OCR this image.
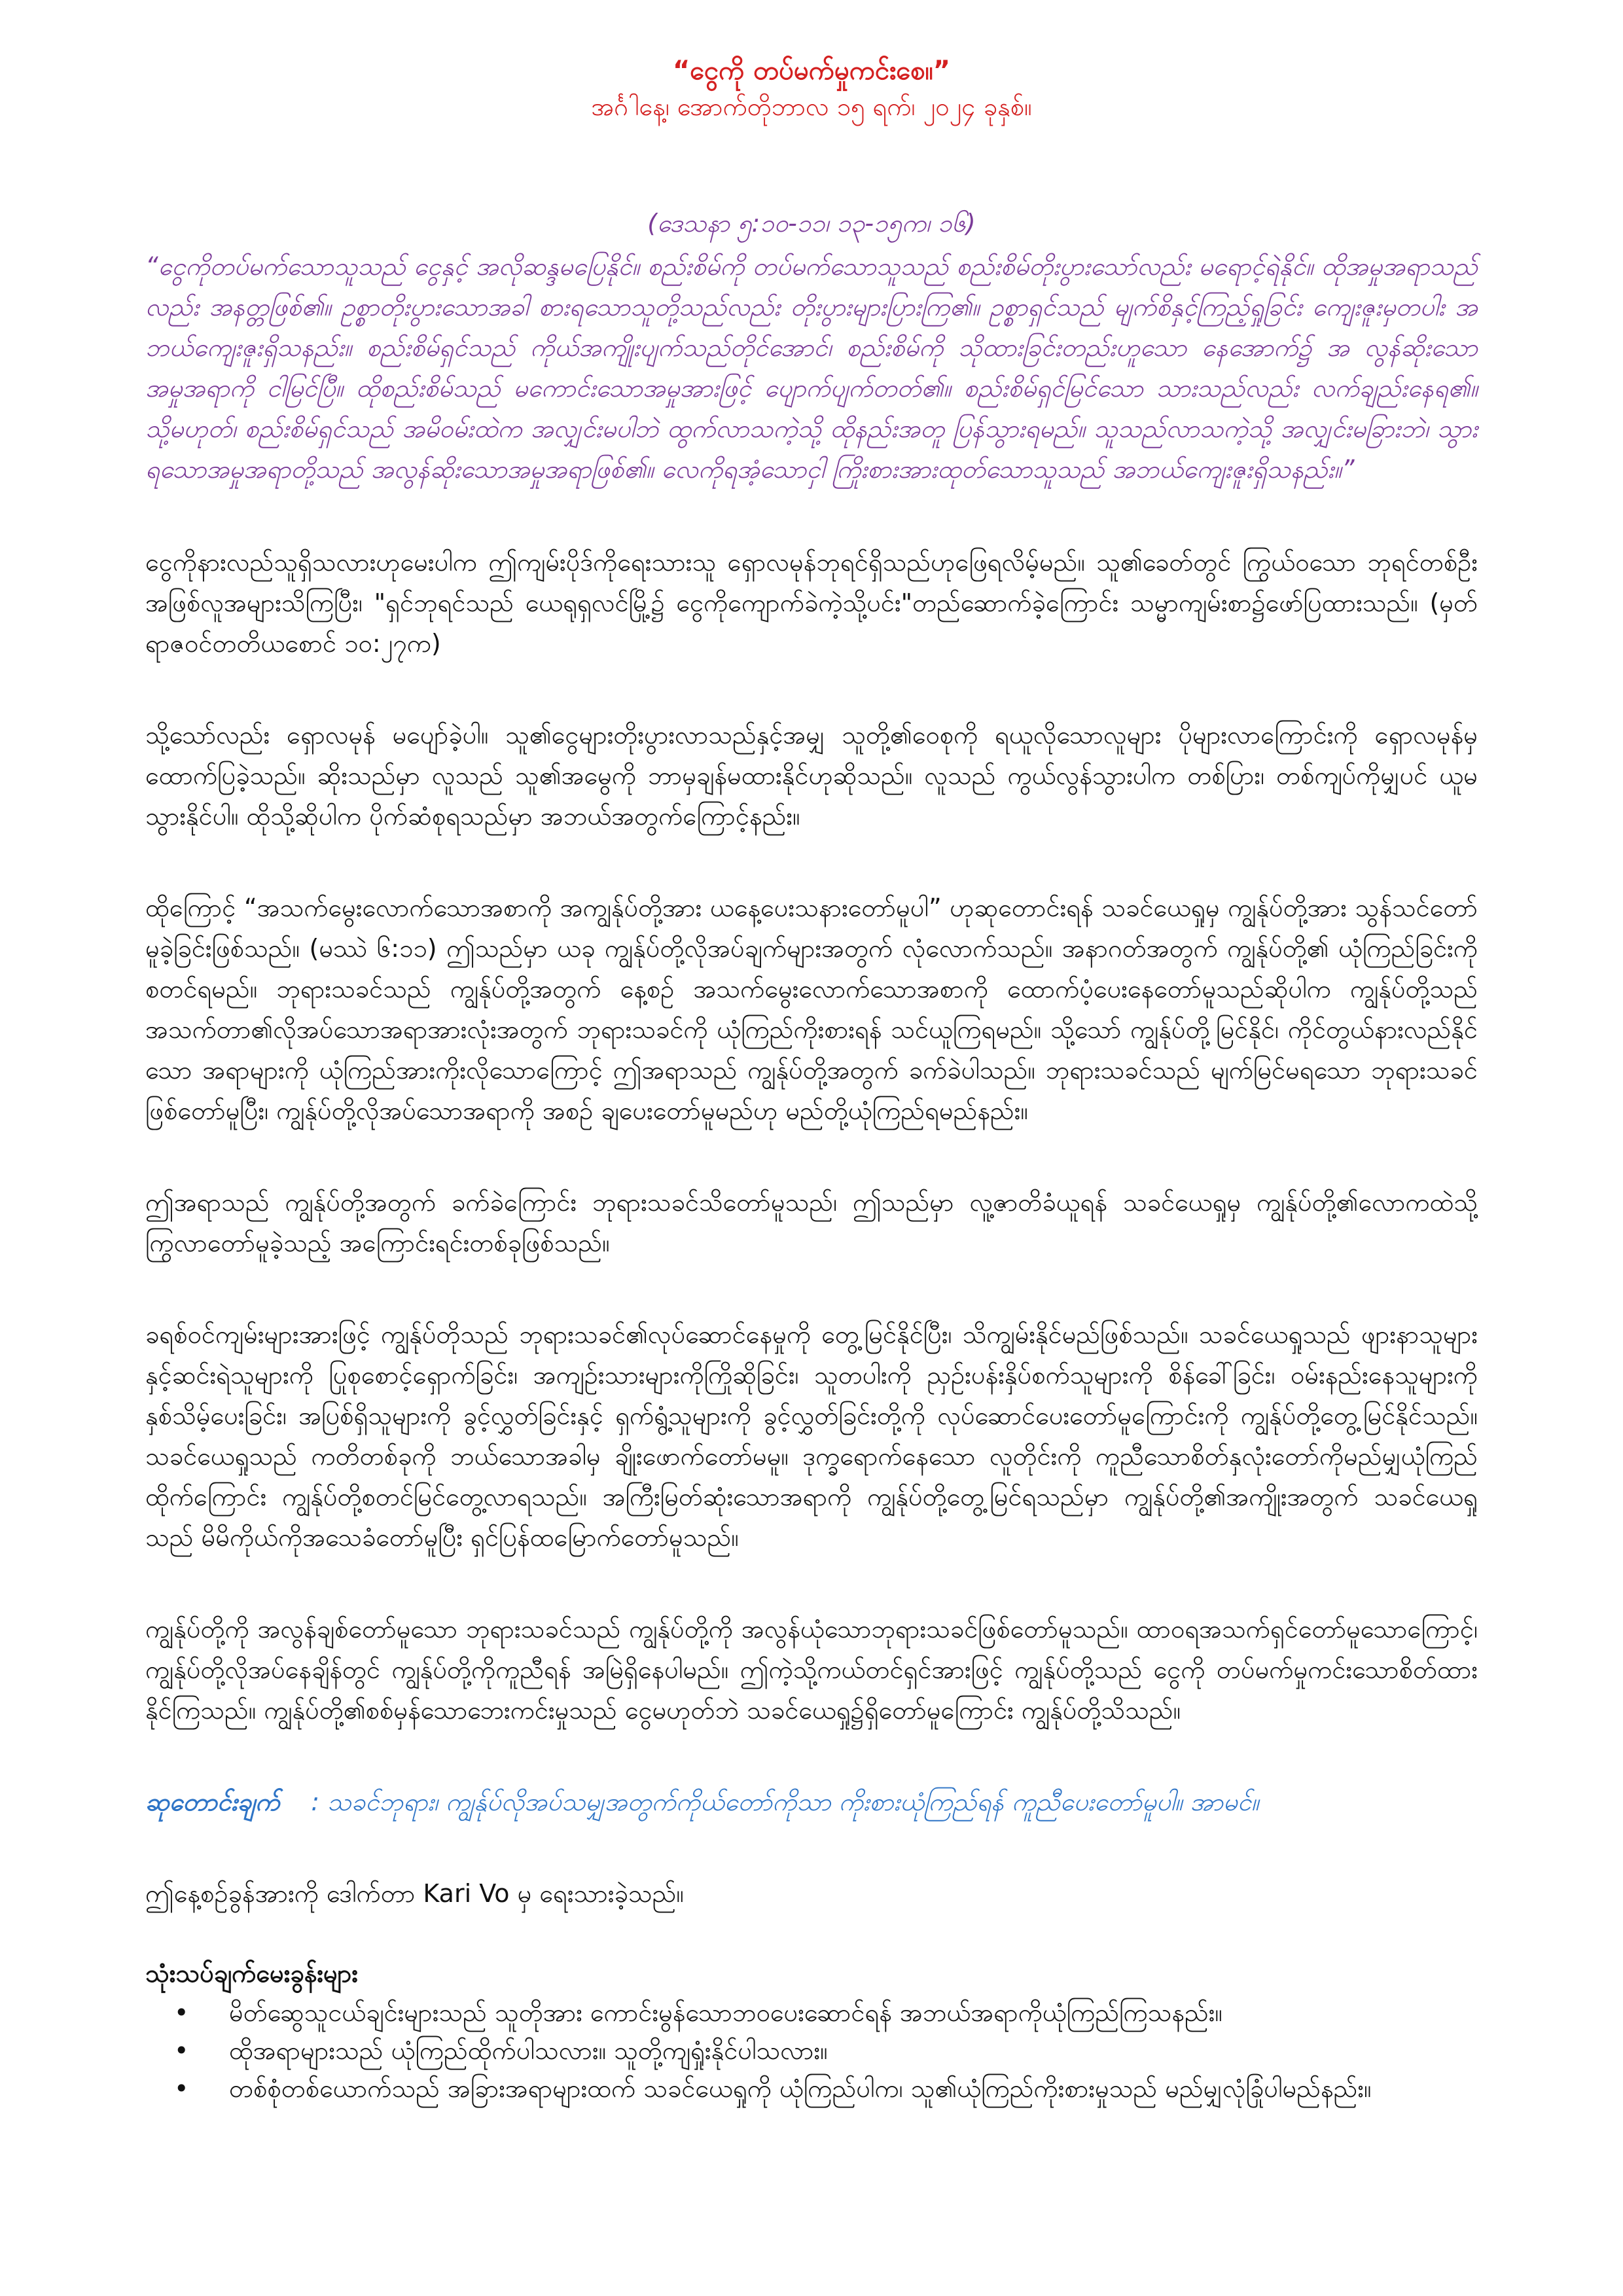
“ငွေကို တပ်မက်မှုကင်းစေ။”

အင်္ဂါနေ့၊ အောက်တိုဘာလ ၁၅ ရက်၊ ၂၀၂၄ ခုနှစ်။

(ဒေသနာ ၅:၁၀-၁၁၊ ၁၃-၁၅က၊ ၁၆)
“ငွေကိုတပ်မက်သောသူသည် ငွေနှင့် အလိုဆန္ဒမပြေနိုင်။ စည်းစိမ်ကို တပ်မက်သောသူသည် စည်းစိမ်တိုးပွားသော်လည်း မရောင့်ရဲနိုင်။ ထိုအမှုအရာသည်လည်း အနတ္တဖြစ်၏။ ဥစ္စာတိုးပွားသောအခါ စားရသောသူတို့သည်လည်း တိုးပွားများပြားကြ၏။ ဥစ္စာရှင်သည် မျက်စိနှင့်ကြည့်ရှုခြင်း ကျေးဇူးမှတပါး အဘယ်ကျေးဇူးရှိသနည်း။ စည်းစိမ်ရှင်သည် ကိုယ်အကျိုးပျက်သည်တိုင်အောင်၊ စည်းစိမ်ကို သိုထားခြင်းတည်းဟူသော နေအောက်၌ အ လွန်ဆိုးသော အမှုအရာကို ငါမြင်ပြီ။ ထိုစည်းစိမ်သည် မကောင်းသောအမှုအားဖြင့် ပျောက်ပျက်တတ်၏။ စည်းစိမ်ရှင်မြင်သော သားသည်လည်း လက်ချည်းနေရ၏။ သို့မဟုတ်၊ စည်းစိမ်ရှင်သည် အမိဝမ်းထဲက အလျှင်းမပါဘဲ ထွက်လာသကဲ့သို့ ထိုနည်းအတူ ပြန်သွားရမည်။ သူသည်လာသကဲ့သို့ အလျှင်းမခြားဘဲ၊ သွားရသောအမှုအရာတို့သည် အလွန်ဆိုးသောအမှုအရာဖြစ်၏။ လေကိုရအံ့သောငှါ ကြိုးစားအားထုတ်သောသူသည် အဘယ်ကျေးဇူးရှိသနည်း။”

ငွေကိုနားလည်သူရှိသလားဟုမေးပါက ဤကျမ်းပိုဒ်ကိုရေးသားသူ ရှောလမုန်ဘုရင်ရှိသည်ဟုဖြေရလိမ့်မည်။ သူ၏ခေတ်တွင် ကြွယ်ဝသော ဘုရင်တစ်ဦးအဖြစ်လူအများသိကြပြီး၊ "ရှင်ဘုရင်သည် ယေရုရှလင်မြို့၌ ငွေကိုကျောက်ခဲကဲ့သို့ပင်း"တည်ဆောက်ခဲ့ကြောင်း သမ္မာကျမ်းစာ၌ဖော်ပြထားသည်။ (မှတ်ရာဇဝင်တတိယစောင် ၁၀:၂၇က)

သို့သော်လည်း ရှောလမုန် မပျော်ခဲ့ပါ။ သူ၏ငွေများတိုးပွားလာသည်နှင့်အမျှ သူတို့၏ဝေစုကို ရယူလိုသောလူများ ပိုများလာကြောင်းကို ရှောလမုန်မှထောက်ပြခဲ့သည်။ ဆိုးသည်မှာ လူသည် သူ၏အမွေကို ဘာမှချန်မထားနိုင်ဟုဆိုသည်။ လူသည် ကွယ်လွန်သွားပါက တစ်ပြား၊ တစ်ကျပ်ကိုမျှပင် ယူမသွားနိုင်ပါ။ ထိုသို့ဆိုပါက ပိုက်ဆံစုရသည်မှာ အဘယ်အတွက်ကြောင့်နည်း။

ထိုကြောင့် “အသက်မွေးလောက်သောအစာကို အကျွန်ုပ်တို့အား ယနေ့ပေးသနားတော်မူပါ” ဟုဆုတောင်းရန် သခင်ယေရှုမှ ကျွန်ုပ်တို့အား သွန်သင်တော်မူခဲ့ခြင်းဖြစ်သည်။ (မဿဲ ၆:၁၁) ဤသည်မှာ ယခု ကျွန်ုပ်တို့လိုအပ်ချက်များအတွက် လုံလောက်သည်။ အနာဂတ်အတွက် ကျွန်ုပ်တို့၏ ယုံကြည်ခြင်းကိုစတင်ရမည်။ ဘုရားသခင်သည် ကျွန်ုပ်တို့အတွက် နေ့စဉ် အသက်မွေးလောက်သောအစာကို ထောက်ပံ့ပေးနေတော်မူသည်ဆိုပါက ကျွန်ုပ်တို့သည် အသက်တာ၏လိုအပ်သောအရာအားလုံးအတွက် ဘုရားသခင်ကို ယုံကြည်ကိုးစားရန် သင်ယူကြရမည်။ သို့သော် ကျွန်ုပ်တို့မြင်နိုင်၊ ကိုင်တွယ်နားလည်နိုင်သော အရာများကို ယုံကြည်အားကိုးလိုသောကြောင့် ဤအရာသည် ကျွန်ုပ်တို့အတွက် ခက်ခဲပါသည်။ ဘုရားသခင်သည် မျက်မြင်မရသော ဘုရားသခင်ဖြစ်တော်မူပြီး၊ ကျွန်ုပ်တို့လိုအပ်သောအရာကို အစဉ် ချပေးတော်မူမည်ဟု မည်တို့ယုံကြည်ရမည်နည်း။

ဤအရာသည် ကျွန်ုပ်တို့အတွက် ခက်ခဲကြောင်း ဘုရားသခင်သိတော်မူသည်၊ ဤသည်မှာ လူ့ဇာတိခံယူရန် သခင်ယေရှုမှ ကျွန်ုပ်တို့၏လောကထဲသို့ ကြွလာတော်မူခဲ့သည့် အကြောင်းရင်းတစ်ခုဖြစ်သည်။

ခရစ်ဝင်ကျမ်းများအားဖြင့် ကျွန်ုပ်တိုသည် ဘုရားသခင်၏လုပ်ဆောင်နေမှုကို တွေ့မြင်နိုင်ပြီး၊ သိကျွမ်းနိုင်မည်ဖြစ်သည်။ သခင်ယေရှုသည် ဖျားနာသူများနှင့်ဆင်းရဲသူများကို ပြုစုစောင့်ရှောက်ခြင်း၊ အကျဉ်းသားများကိုကြိုဆိုခြင်း၊ သူတပါးကို ညှဉ်းပန်းနှိပ်စက်သူများကို စိန်ခေါ်ခြင်း၊ ဝမ်းနည်းနေသူများကို နှစ်သိမ့်ပေးခြင်း၊ အပြစ်ရှိသူများကို ခွင့်လွှတ်ခြင်းနှင့် ရှက်ရွံ့သူများကို ခွင့်လွှတ်ခြင်းတို့ကို လုပ်ဆောင်ပေးတော်မူကြောင်းကို ကျွန်ုပ်တို့တွေ့မြင်နိုင်သည်။ သခင်ယေရှုသည် ကတိတစ်ခုကို ဘယ်သောအခါမှ ချိုးဖောက်တော်မမူ။ ဒုက္ခရောက်နေသော လူတိုင်းကို ကူညီသောစိတ်နှလုံးတော်ကိုမည်မျှယုံကြည်ထိုက်ကြောင်း ကျွန်ုပ်တို့စတင်မြင်တွေ့လာရသည်။ အကြီးမြတ်ဆုံးသောအရာကို ကျွန်ုပ်တို့တွေ့မြင်ရသည်မှာ ကျွန်ုပ်တို့၏အကျိုးအတွက် သခင်ယေရှုသည် မိမိကိုယ်ကိုအသေခံတော်မူပြီး ရှင်ပြန်ထမြောက်တော်မူသည်။

ကျွန်ုပ်တို့ကို အလွန်ချစ်တော်မူသော ဘုရားသခင်သည် ကျွန်ုပ်တို့ကို အလွန်ယုံသောဘုရားသခင်ဖြစ်တော်မူသည်။ ထာဝရအသက်ရှင်တော်မူသောကြောင့်၊ ကျွန်ုပ်တို့လိုအပ်နေချိန်တွင် ကျွန်ုပ်တို့ကိုကူညီရန် အမြဲရှိနေပါမည်။ ဤကဲ့သို့ကယ်တင်ရှင်အားဖြင့် ကျွန်ုပ်တို့သည် ငွေကို တပ်မက်မှုကင်းသောစိတ်ထားနိုင်ကြသည်။ ကျွန်ုပ်တို့၏စစ်မှန်သောဘေးကင်းမှုသည် ငွေမဟုတ်ဘဲ သခင်ယေရှု၌ရှိတော်မူကြောင်း ကျွန်ုပ်တို့သိသည်။

ဆုတောင်းချက် : သခင်ဘုရား၊ ကျွန်ုပ်လိုအပ်သမျှအတွက်ကိုယ်တော်ကိုသာ ကိုးစားယုံကြည်ရန် ကူညီပေးတော်မူပါ။ အာမင်။

ဤနေ့စဉ်ခွန်အားကို ဒေါက်တာ Kari Vo မှ ရေးသားခဲ့သည်။

သုံးသပ်ချက်မေးခွန်းများ

• မိတ်ဆွေသူငယ်ချင်းများသည် သူတိုအား ကောင်းမွန်သောဘဝပေးဆောင်ရန် အဘယ်အရာကိုယုံကြည်ကြသနည်း။
• ထိုအရာများသည် ယုံကြည်ထိုက်ပါသလား။ သူတို့ကျရှုံးနိုင်ပါသလား။
• တစ်စုံတစ်ယောက်သည် အခြားအရာများထက် သခင်ယေရှုကို ယုံကြည်ပါက၊ သူ၏ယုံကြည်ကိုးစားမှုသည် မည်မျှလုံခြုံပါမည်နည်း။
